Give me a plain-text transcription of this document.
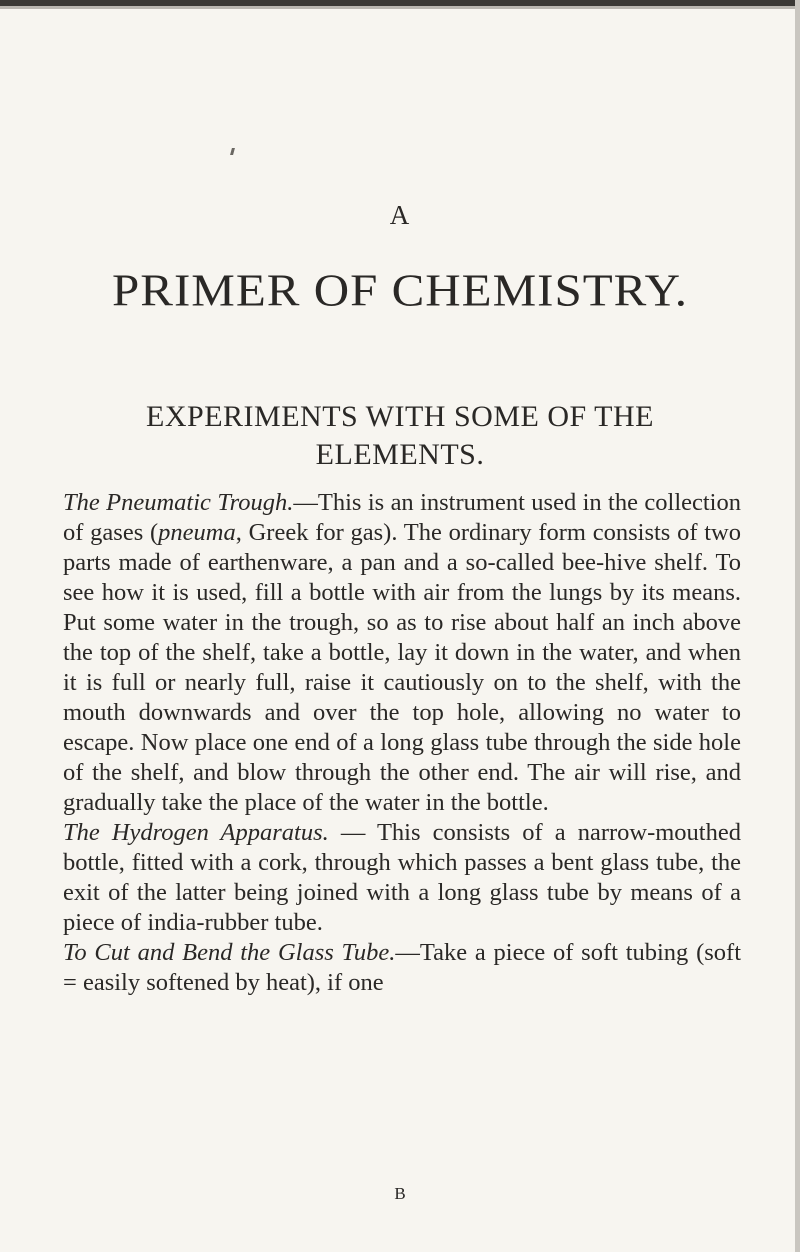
A
PRIMER OF CHEMISTRY.
EXPERIMENTS WITH SOME OF THE
ELEMENTS.

The Pneumatic Trough.—This is an instrument used in the collection of gases (pneuma, Greek for gas). The ordinary form consists of two parts made of earthenware, a pan and a so-called bee-hive shelf. To see how it is used, fill a bottle with air from the lungs by its means. Put some water in the trough, so as to rise about half an inch above the top of the shelf, take a bottle, lay it down in the water, and when it is full or nearly full, raise it cautiously on to the shelf, with the mouth downwards and over the top hole, allowing no water to escape. Now place one end of a long glass tube through the side hole of the shelf, and blow through the other end. The air will rise, and gradually take the place of the water in the bottle.

The Hydrogen Apparatus. — This consists of a narrow-mouthed bottle, fitted with a cork, through which passes a bent glass tube, the exit of the latter being joined with a long glass tube by means of a piece of india-rubber tube.

To Cut and Bend the Glass Tube.—Take a piece of soft tubing (soft = easily softened by heat), if one

B
